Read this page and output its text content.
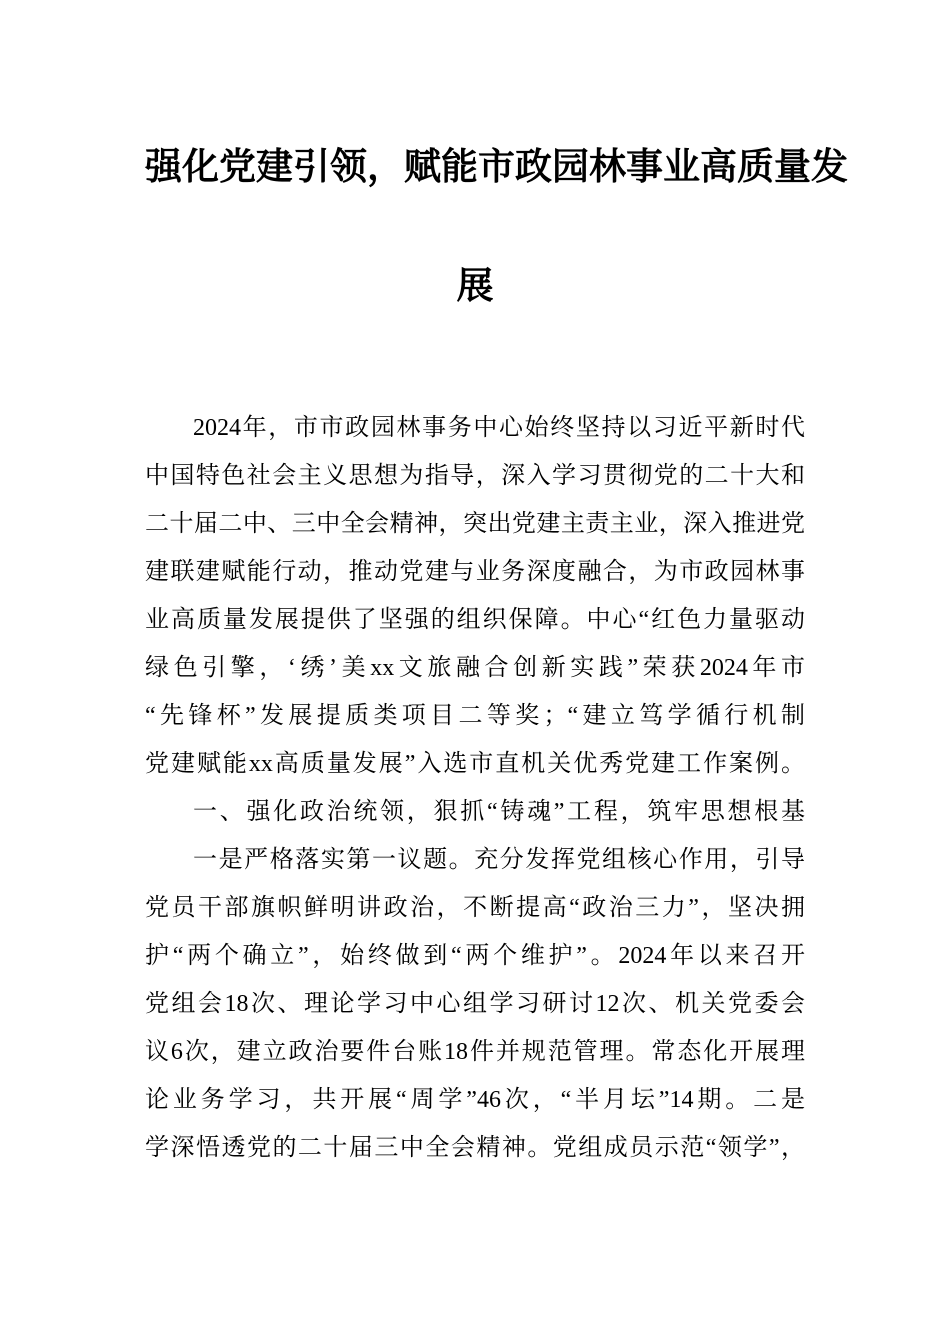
强化党建引领，赋能市政园林事业高质量发
展
2024年，市市政园林事务中心始终坚持以习近平新时代
中国特色社会主义思想为指导，深入学习贯彻党的二十大和
二十届二中、三中全会精神，突出党建主责主业，深入推进党
建联建赋能行动，推动党建与业务深度融合，为市政园林事
业高质量发展提供了坚强的组织保障。中心“红色力量驱动
绿色引擎，‘绣’美xx文旅融合创新实践”荣获2024年市
“先锋杯”发展提质类项目二等奖；“建立笃学循行机制
党建赋能xx高质量发展”入选市直机关优秀党建工作案例。
一、强化政治统领，狠抓“铸魂”工程，筑牢思想根基
一是严格落实第一议题。充分发挥党组核心作用，引导
党员干部旗帜鲜明讲政治，不断提高“政治三力”，坚决拥
护“两个确立”，始终做到“两个维护”。2024年以来召开
党组会18次、理论学习中心组学习研讨12次、机关党委会
议6次，建立政治要件台账18件并规范管理。常态化开展理
论业务学习，共开展“周学”46次，“半月坛”14期。二是
学深悟透党的二十届三中全会精神。党组成员示范“领学”，
